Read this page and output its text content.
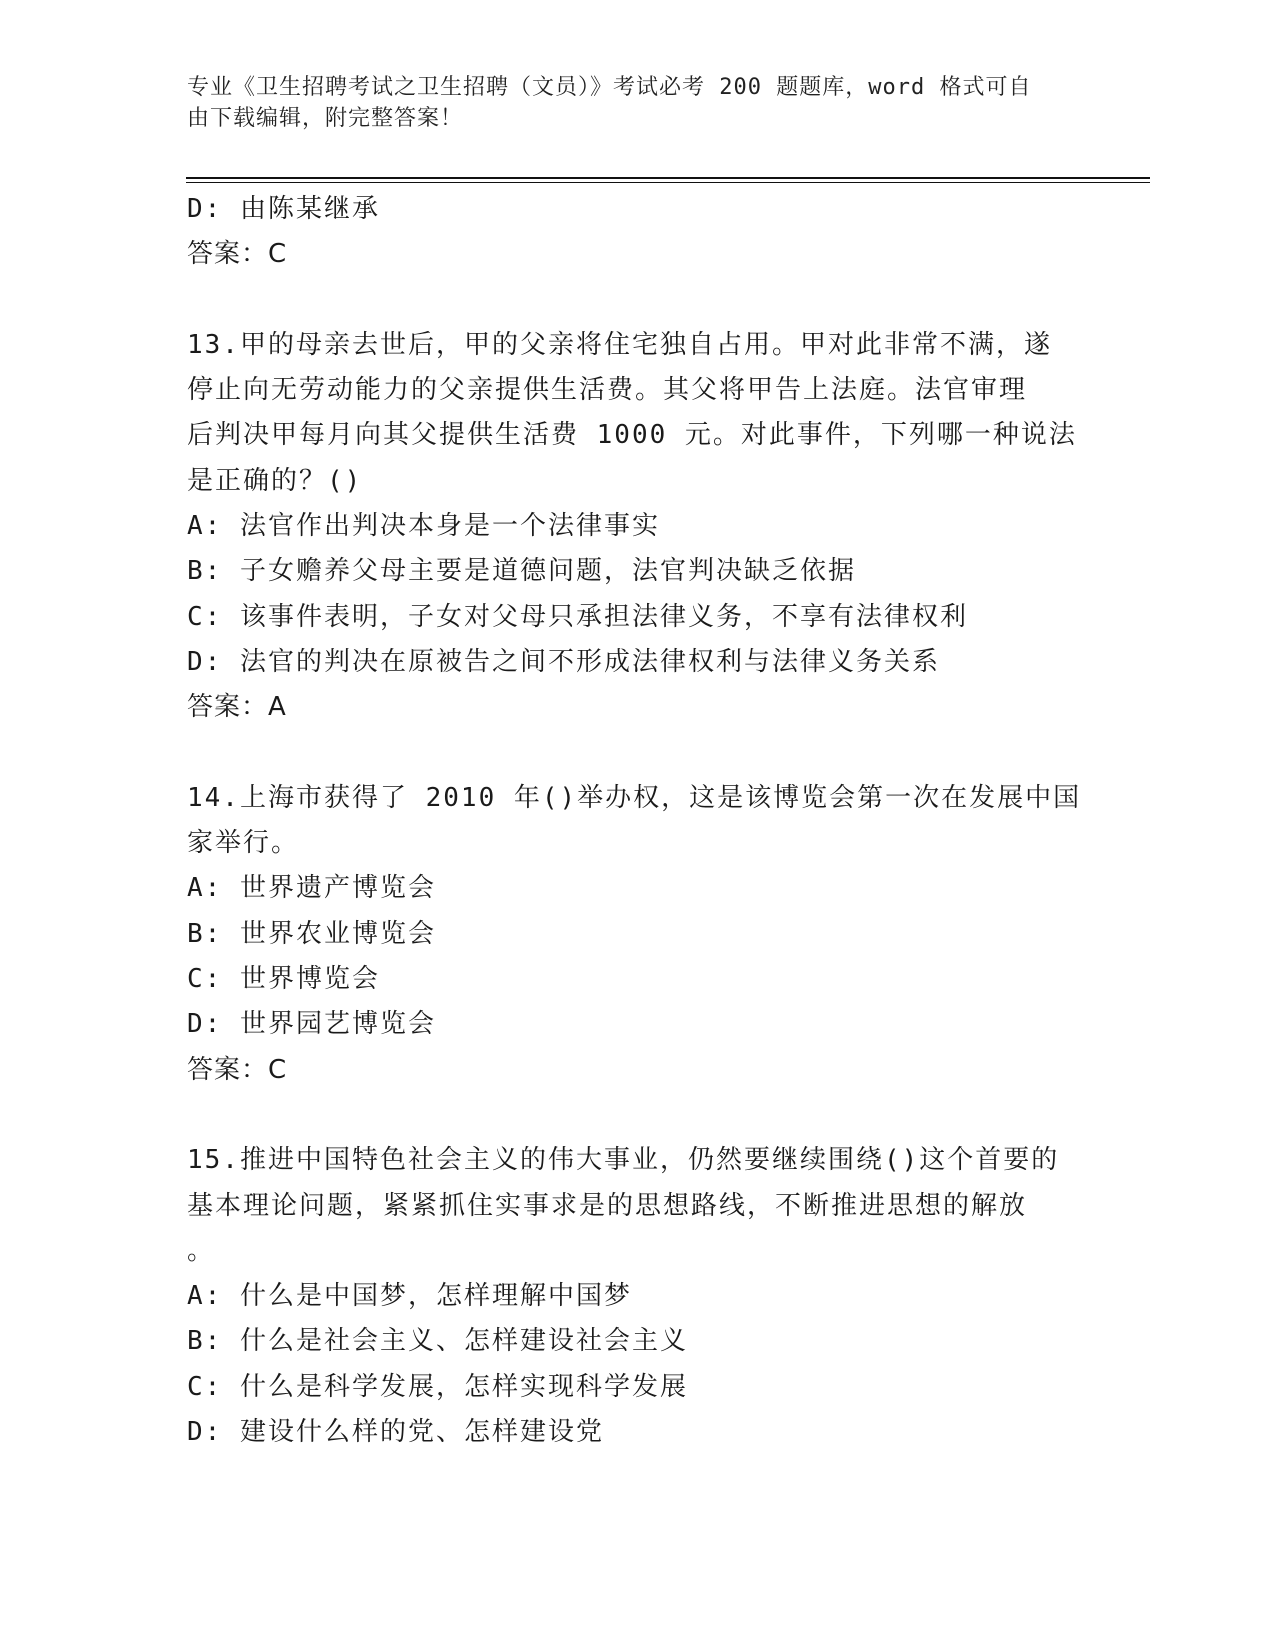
专业《卫生招聘考试之卫生招聘（文员）》考试必考 200 题题库，word 格式可自
由下载编辑，附完整答案！
D: 由陈某继承
答案：C
13.甲的母亲去世后，甲的父亲将住宅独自占用。甲对此非常不满，遂
停止向无劳动能力的父亲提供生活费。其父将甲告上法庭。法官审理
后判决甲每月向其父提供生活费 1000 元。对此事件，下列哪一种说法
是正确的？()
A: 法官作出判决本身是一个法律事实
B: 子女赡养父母主要是道德问题，法官判决缺乏依据
C: 该事件表明，子女对父母只承担法律义务，不享有法律权利
D: 法官的判决在原被告之间不形成法律权利与法律义务关系
答案：A
14.上海市获得了 2010 年()举办权，这是该博览会第一次在发展中国
家举行。
A: 世界遗产博览会
B: 世界农业博览会
C: 世界博览会
D: 世界园艺博览会
答案：C
15.推进中国特色社会主义的伟大事业，仍然要继续围绕()这个首要的
基本理论问题，紧紧抓住实事求是的思想路线，不断推进思想的解放
。
A: 什么是中国梦，怎样理解中国梦
B: 什么是社会主义、怎样建设社会主义
C: 什么是科学发展，怎样实现科学发展
D: 建设什么样的党、怎样建设党
